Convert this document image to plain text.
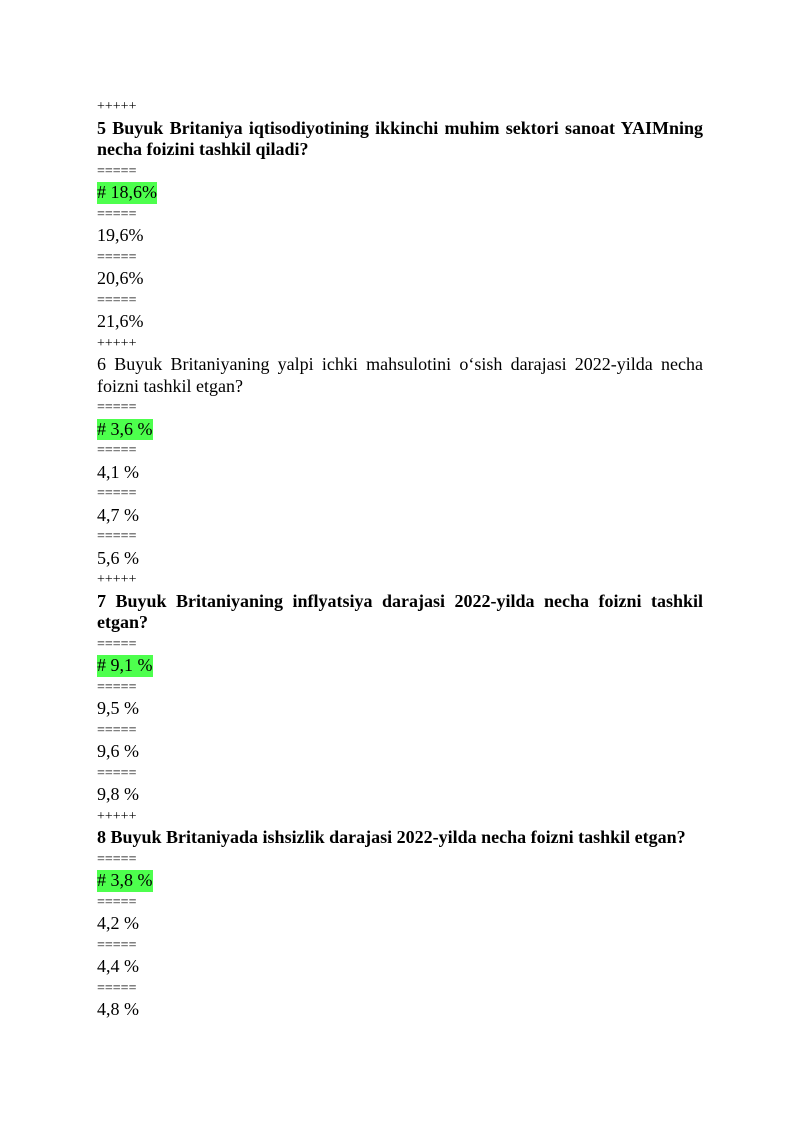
+++++
5 Buyuk Britaniya iqtisodiyotining ikkinchi muhim sektori sanoat YAIMning necha foizini tashkil qiladi?
=====
# 18,6%
=====
19,6%
=====
20,6%
=====
21,6%
+++++
6 Buyuk Britaniyaning yalpi ichki mahsulotini o‘sish darajasi 2022-yilda necha foizni tashkil etgan?
=====
# 3,6 %
=====
4,1 %
=====
4,7 %
=====
5,6 %
+++++
7 Buyuk Britaniyaning inflyatsiya darajasi 2022-yilda necha foizni tashkil etgan?
=====
# 9,1 %
=====
9,5 %
=====
9,6 %
=====
9,8 %
+++++
8 Buyuk Britaniyada ishsizlik darajasi 2022-yilda necha foizni tashkil etgan?
=====
# 3,8 %
=====
4,2 %
=====
4,4 %
=====
4,8 %
